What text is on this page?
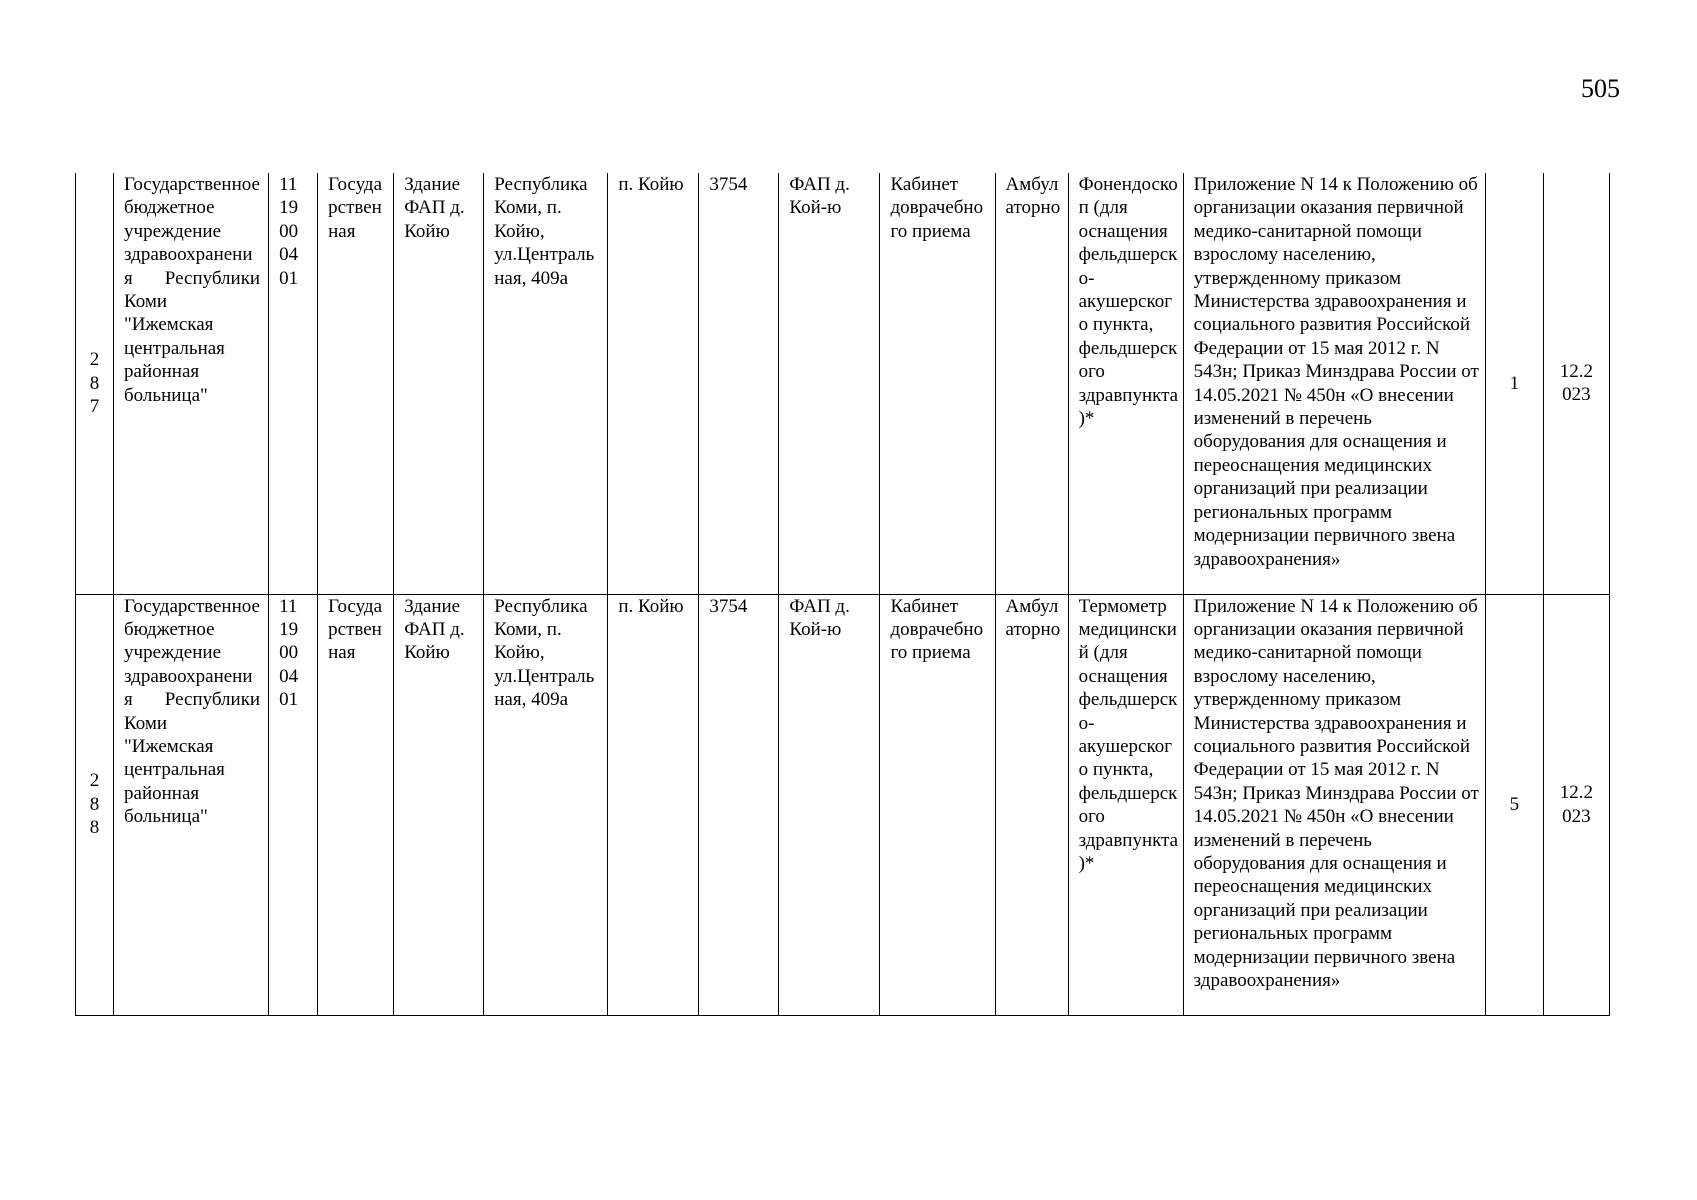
505
287	Государственное бюджетное учреждение здравоохранения Республики Коми "Ижемская центральная районная больница"	1119000401	Государственная	Здание ФАП д. Койю	Республика Коми, п. Койю, ул.Центральная, 409а	п. Койю	3754	ФАП д. Кой-ю	Кабинет доврачебного приема	Амбулаторно	Фонендоскоп (для оснащения фельдшерско-акушерского пункта, фельдшерского здравпункта)*	Приложение N 14 к Положению об организации оказания первичной медико-санитарной помощи взрослому населению, утвержденному приказом Министерства здравоохранения и социального развития Российской Федерации от 15 мая 2012 г. N 543н; Приказ Минздрава России от 14.05.2021 № 450н «О внесении изменений в перечень оборудования для оснащения и переоснащения медицинских организаций при реализации региональных программ модернизации первичного звена здравоохранения»	1	12.2023

288	Государственное бюджетное учреждение здравоохранения Республики Коми "Ижемская центральная районная больница"	1119000401	Государственная	Здание ФАП д. Койю	Республика Коми, п. Койю, ул.Центральная, 409а	п. Койю	3754	ФАП д. Кой-ю	Кабинет доврачебного приема	Амбулаторно	Термометр медицинский (для оснащения фельдшерско-акушерского пункта, фельдшерского здравпункта)*	Приложение N 14 к Положению об организации оказания первичной медико-санитарной помощи взрослому населению, утвержденному приказом Министерства здравоохранения и социального развития Российской Федерации от 15 мая 2012 г. N 543н; Приказ Минздрава России от 14.05.2021 № 450н «О внесении изменений в перечень оборудования для оснащения и переоснащения медицинских организаций при реализации региональных программ модернизации первичного звена здравоохранения»	5	12.2023
